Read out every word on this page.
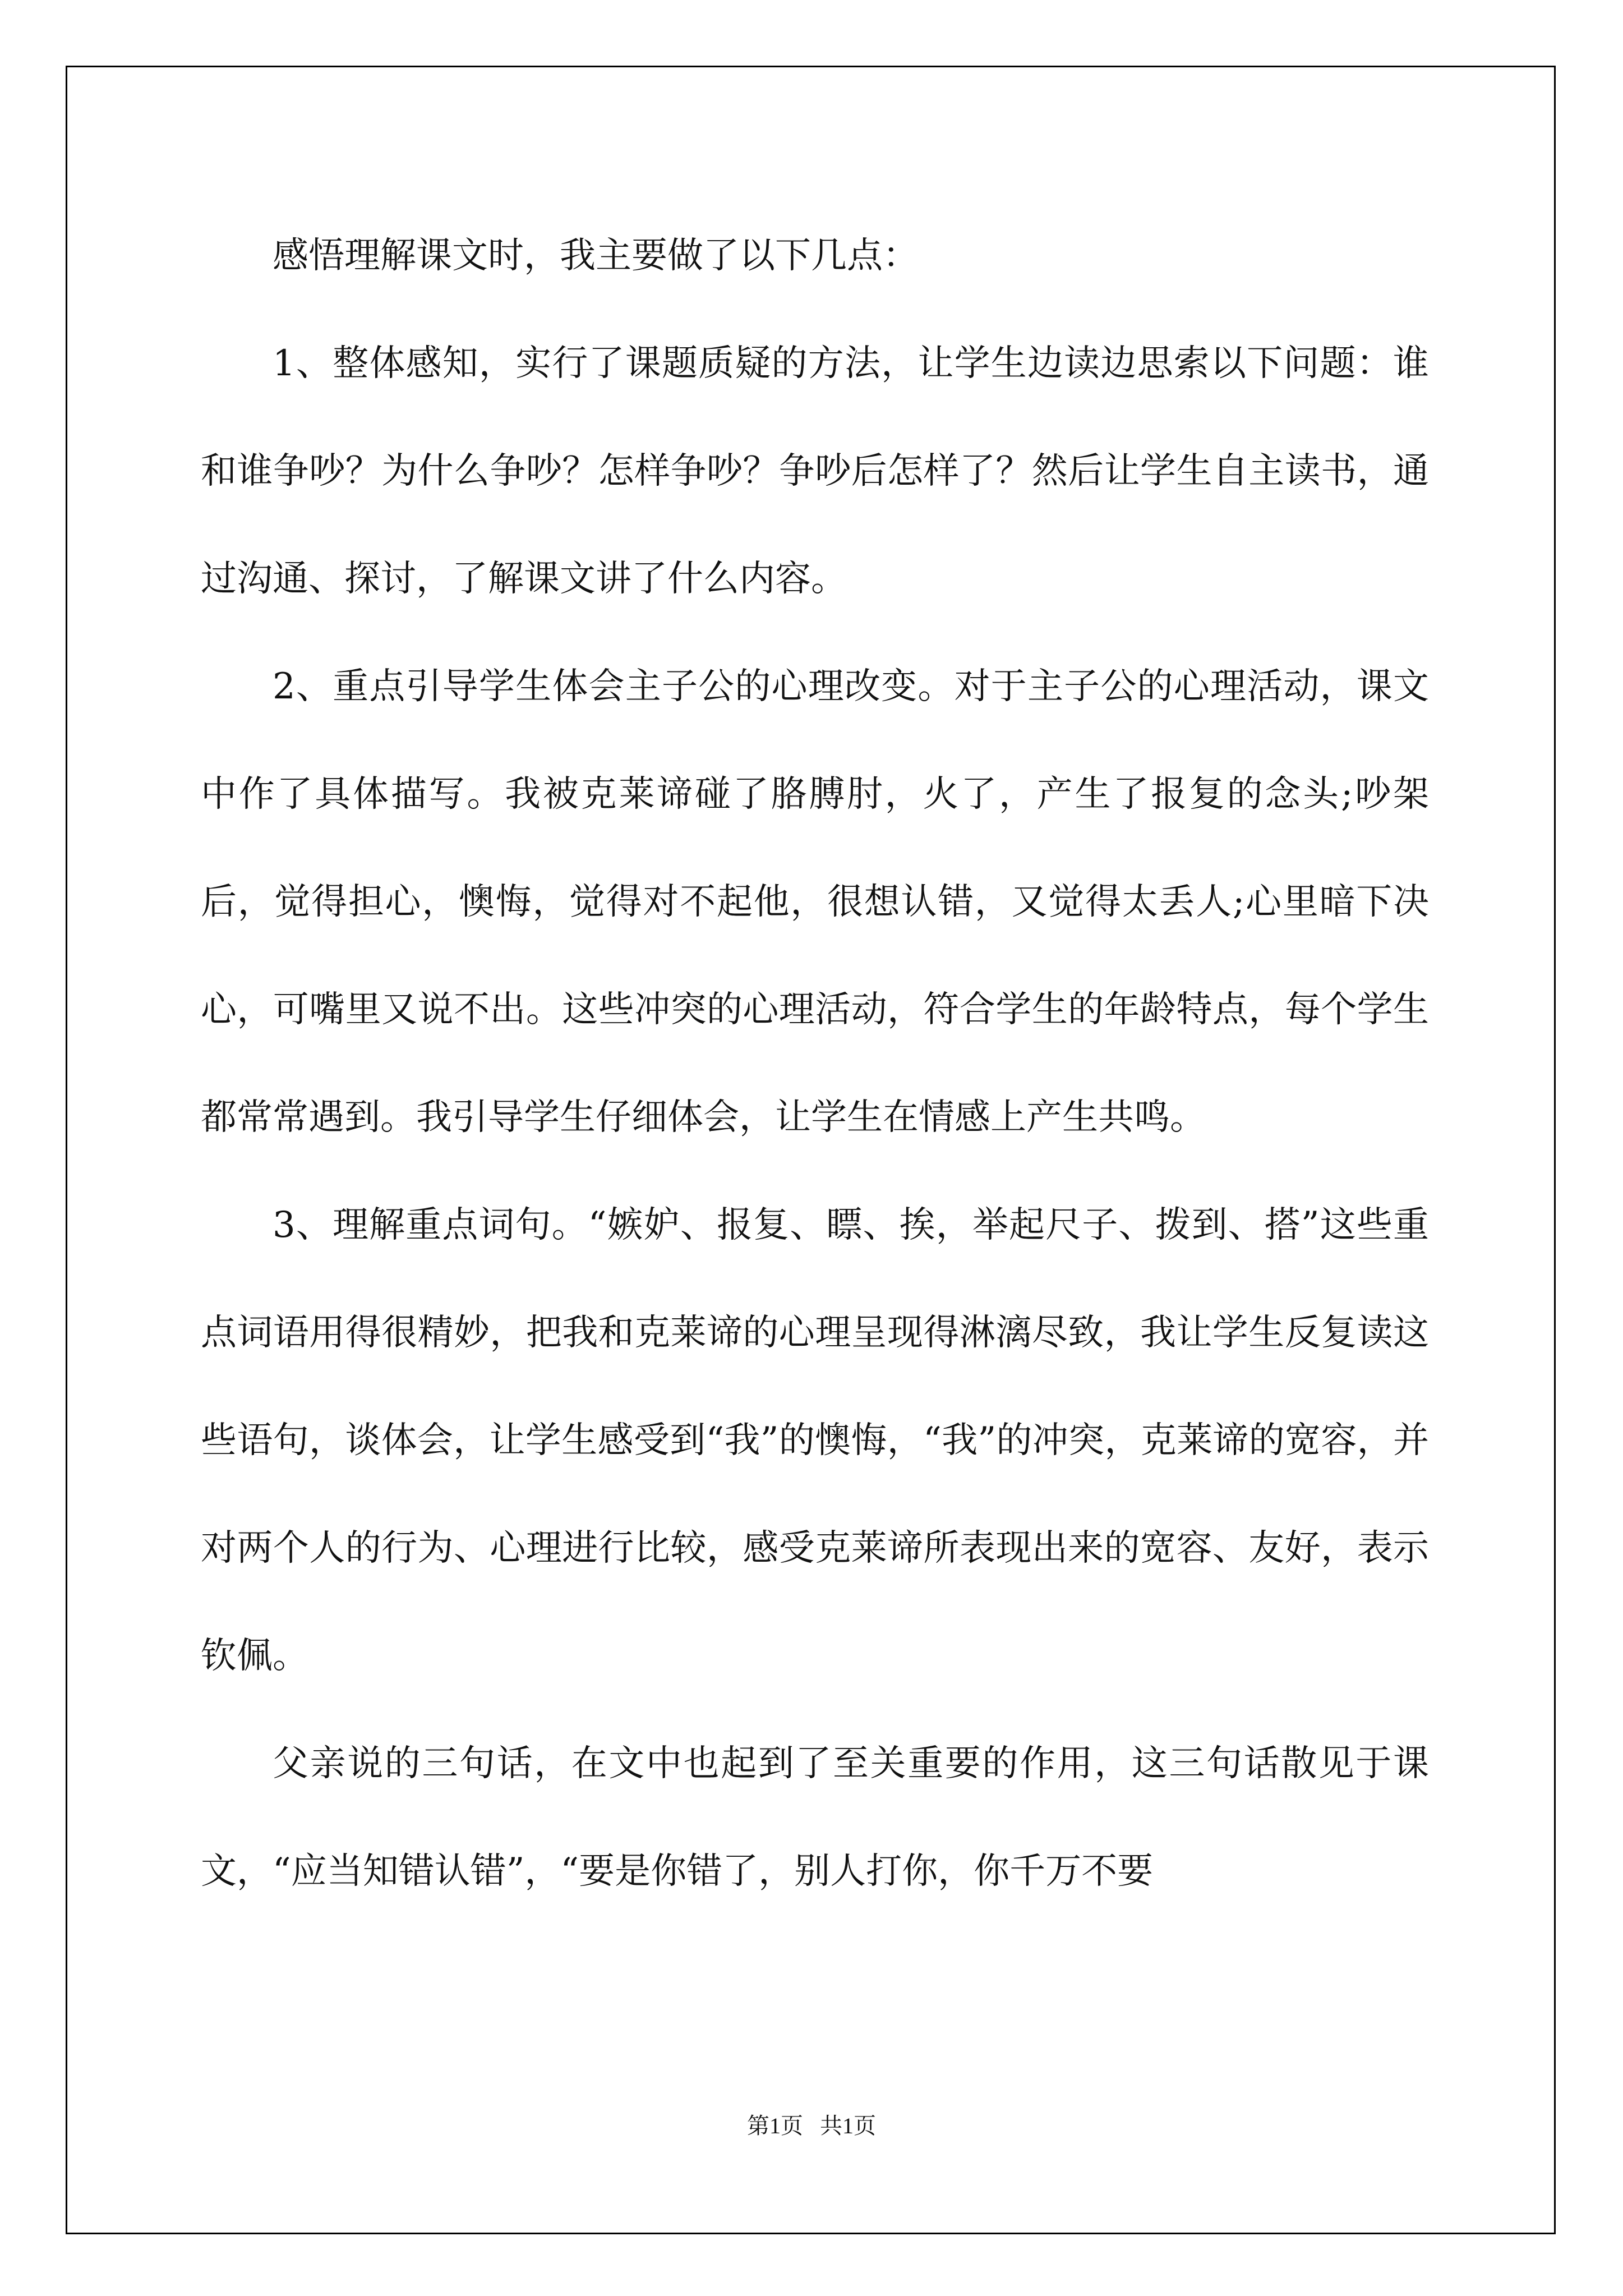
感悟理解课文时，我主要做了以下几点：

1、整体感知，实行了课题质疑的方法，让学生边读边思索以下问题：谁和谁争吵？为什么争吵？怎样争吵？争吵后怎样了？然后让学生自主读书，通过沟通、探讨，了解课文讲了什么内容。

2、重点引导学生体会主子公的心理改变。对于主子公的心理活动，课文中作了具体描写。我被克莱谛碰了胳膊肘，火了，产生了报复的念头;吵架后，觉得担心，懊悔，觉得对不起他，很想认错，又觉得太丢人;心里暗下决心，可嘴里又说不出。这些冲突的心理活动，符合学生的年龄特点，每个学生都常常遇到。我引导学生仔细体会，让学生在情感上产生共鸣。

3、理解重点词句。“嫉妒、报复、瞟、挨，举起尺子、拨到、搭”这些重点词语用得很精妙，把我和克莱谛的心理呈现得淋漓尽致，我让学生反复读这些语句，谈体会，让学生感受到“我”的懊悔，“我”的冲突，克莱谛的宽容，并对两个人的行为、心理进行比较，感受克莱谛所表现出来的宽容、友好，表示钦佩。

父亲说的三句话，在文中也起到了至关重要的作用，这三句话散见于课文，“应当知错认错”，“要是你错了，别人打你，你千万不要

第1页   共1页
